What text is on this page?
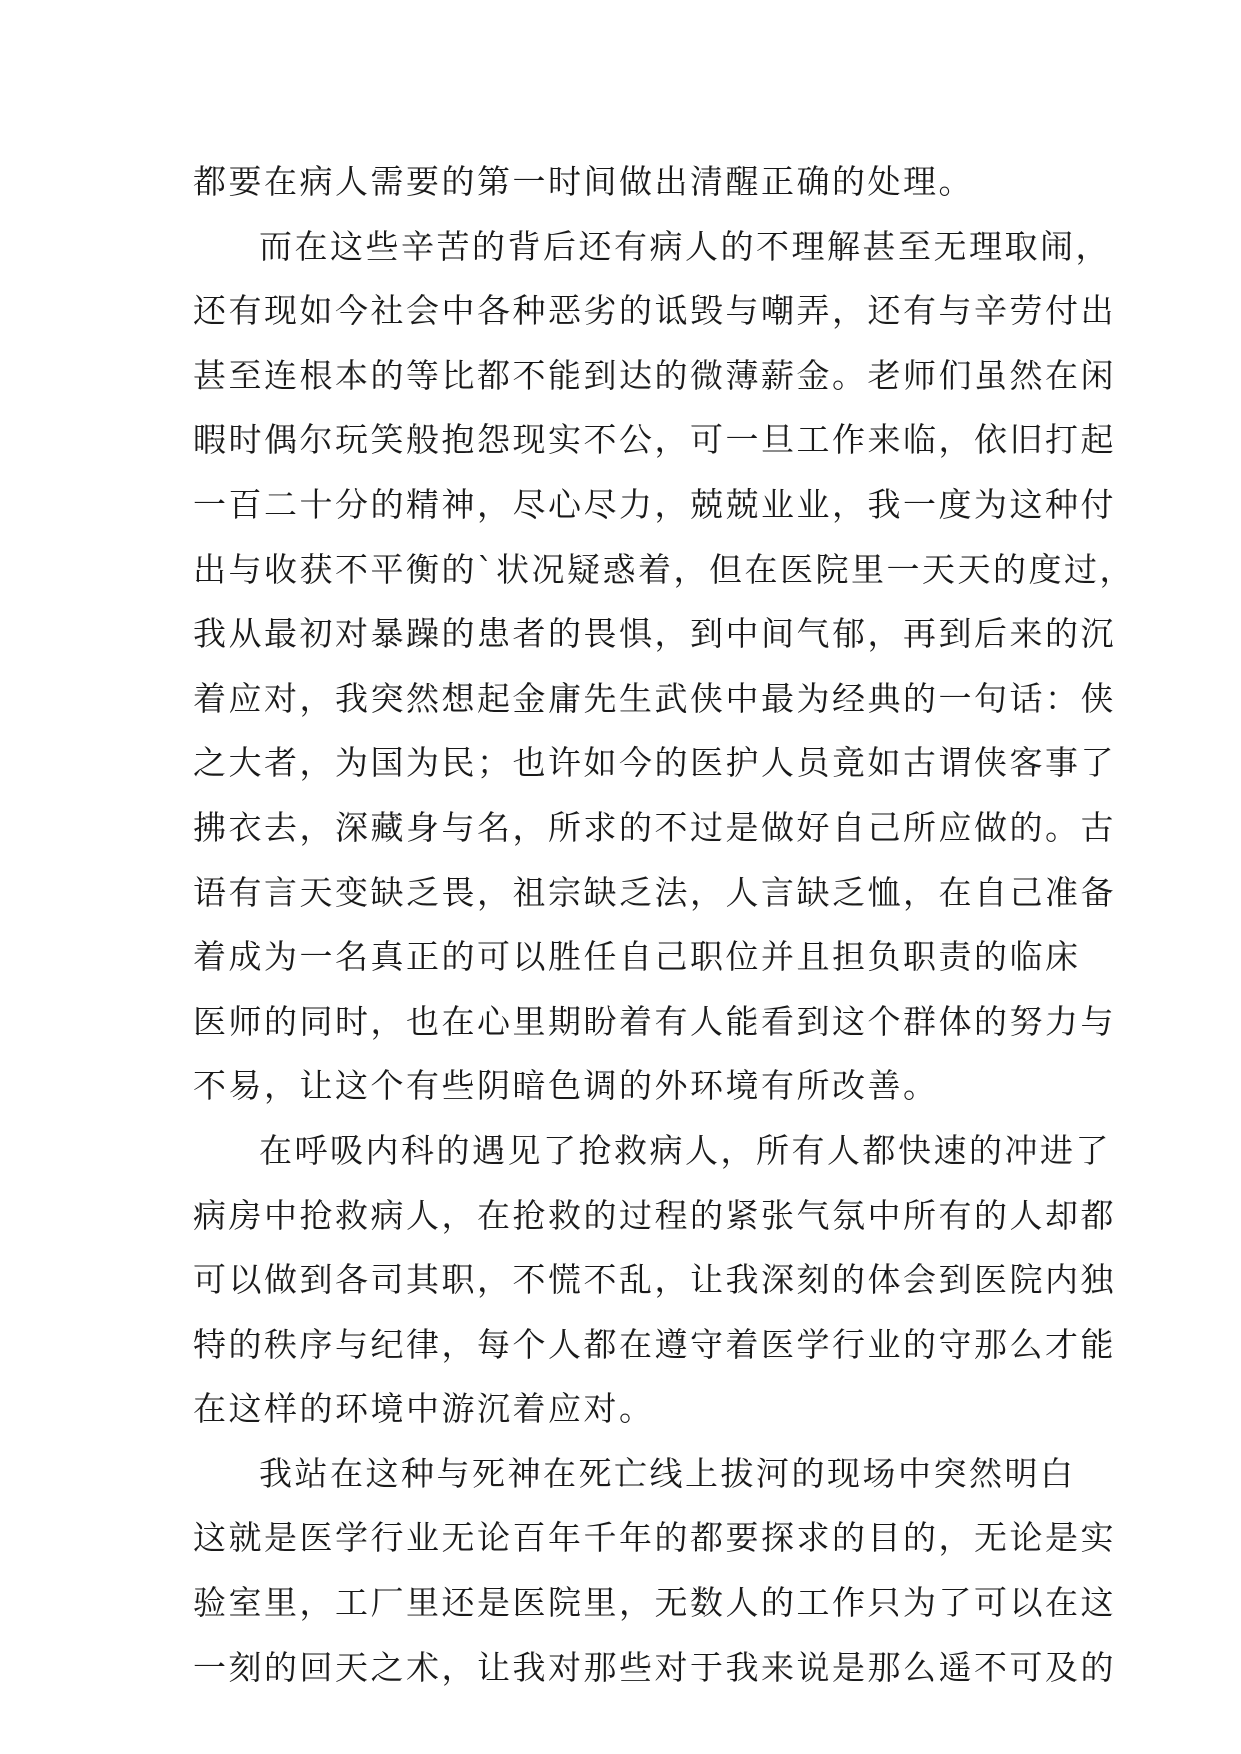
都要在病人需要的第一时间做出清醒正确的处理。
而在这些辛苦的背后还有病人的不理解甚至无理取闹，
还有现如今社会中各种恶劣的诋毁与嘲弄，还有与辛劳付出
甚至连根本的等比都不能到达的微薄薪金。老师们虽然在闲
暇时偶尔玩笑般抱怨现实不公，可一旦工作来临，依旧打起
一百二十分的精神，尽心尽力，兢兢业业，我一度为这种付
出与收获不平衡的`状况疑惑着，但在医院里一天天的度过，
我从最初对暴躁的患者的畏惧，到中间气郁，再到后来的沉
着应对，我突然想起金庸先生武侠中最为经典的一句话：侠
之大者，为国为民；也许如今的医护人员竟如古谓侠客事了
拂衣去，深藏身与名，所求的不过是做好自己所应做的。古
语有言天变缺乏畏，祖宗缺乏法，人言缺乏恤，在自己准备
着成为一名真正的可以胜任自己职位并且担负职责的临床
医师的同时，也在心里期盼着有人能看到这个群体的努力与
不易，让这个有些阴暗色调的外环境有所改善。
在呼吸内科的遇见了抢救病人，所有人都快速的冲进了
病房中抢救病人，在抢救的过程的紧张气氛中所有的人却都
可以做到各司其职，不慌不乱，让我深刻的体会到医院内独
特的秩序与纪律，每个人都在遵守着医学行业的守那么才能
在这样的环境中游沉着应对。
我站在这种与死神在死亡线上拔河的现场中突然明白
这就是医学行业无论百年千年的都要探求的目的，无论是实
验室里，工厂里还是医院里，无数人的工作只为了可以在这
一刻的回天之术，让我对那些对于我来说是那么遥不可及的
